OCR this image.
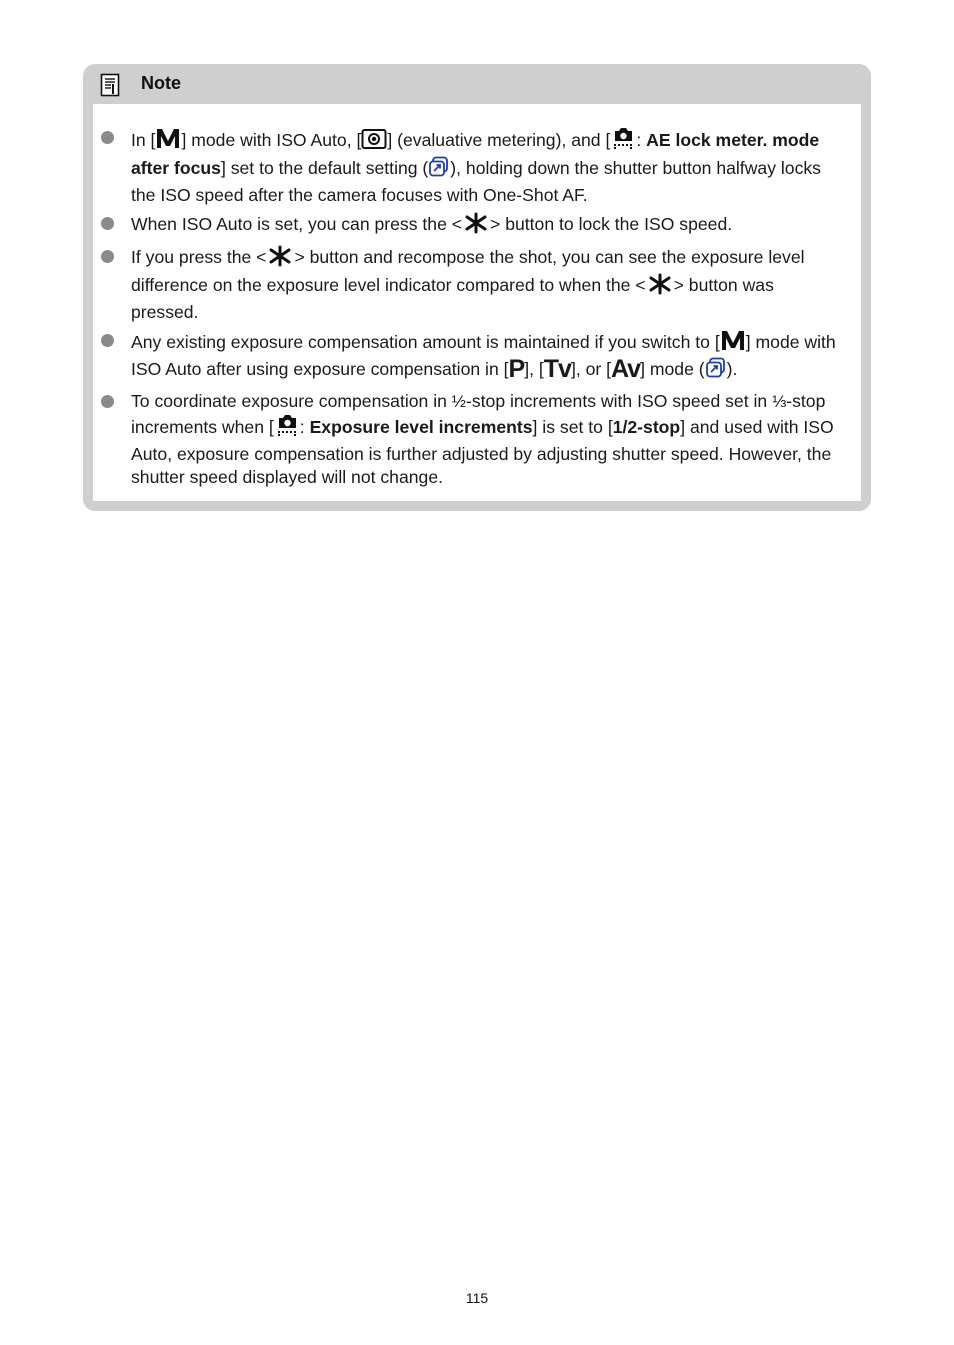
Note
In [ ] mode with ISO Auto, [ ] (evaluative metering), and [ : AE lock meter. mode after focus] set to the default setting ( ), holding down the shutter button halfway locks the ISO speed after the camera focuses with One-Shot AF.
When ISO Auto is set, you can press the < > button to lock the ISO speed.
If you press the < > button and recompose the shot, you can see the exposure level difference on the exposure level indicator compared to when the < > button was pressed.
Any existing exposure compensation amount is maintained if you switch to [ ] mode with ISO Auto after using exposure compensation in [P], [Tv], or [Av] mode ( ).
To coordinate exposure compensation in ½-stop increments with ISO speed set in ⅓-stop increments when [ : Exposure level increments] is set to [1/2-stop] and used with ISO Auto, exposure compensation is further adjusted by adjusting shutter speed. However, the shutter speed displayed will not change.
115
